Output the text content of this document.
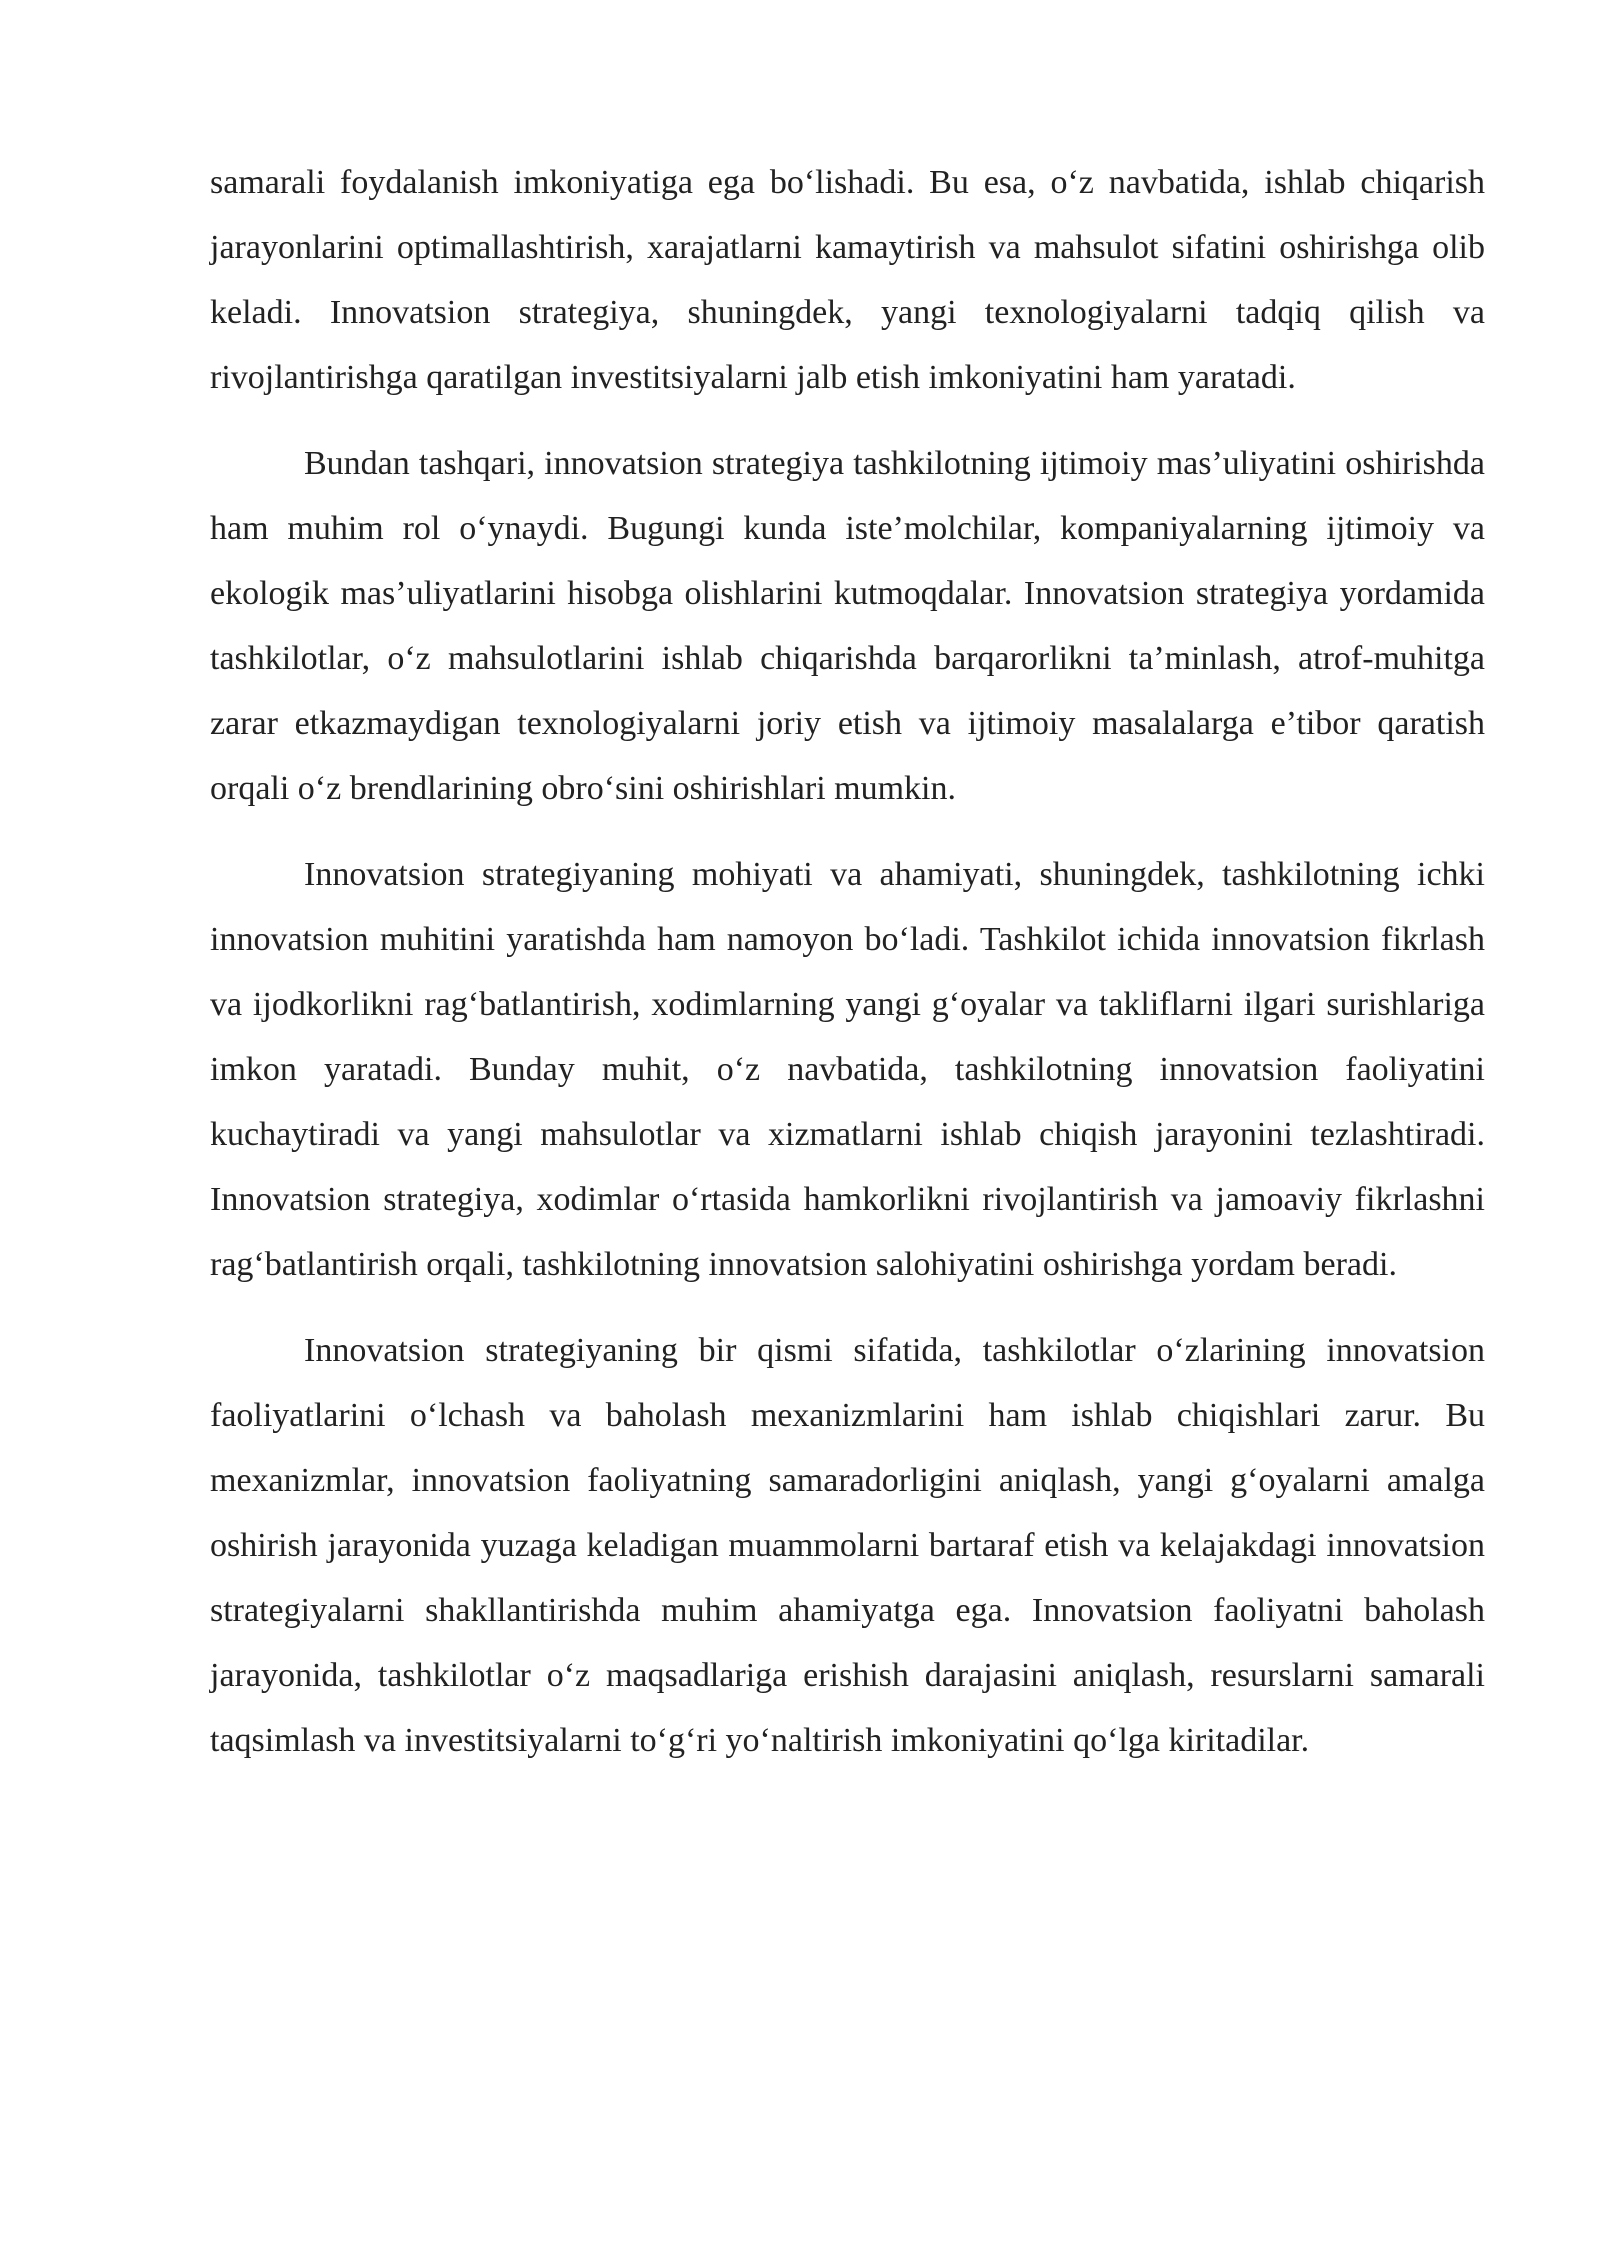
samarali foydalanish imkoniyatiga ega bo‘lishadi. Bu esa, o‘z navbatida, ishlab chiqarish jarayonlarini optimallashtirish, xarajatlarni kamaytirish va mahsulot sifatini oshirishga olib keladi. Innovatsion strategiya, shuningdek, yangi texnologiyalarni tadqiq qilish va rivojlantirishga qaratilgan investitsiyalarni jalb etish imkoniyatini ham yaratadi.

Bundan tashqari, innovatsion strategiya tashkilotning ijtimoiy mas’uliyatini oshirishda ham muhim rol o‘ynaydi. Bugungi kunda iste’molchilar, kompaniyalarning ijtimoiy va ekologik mas’uliyatlarini hisobga olishlarini kutmoqdalar. Innovatsion strategiya yordamida tashkilotlar, o‘z mahsulotlarini ishlab chiqarishda barqarorlikni ta’minlash, atrof-muhitga zarar etkazmaydigan texnologiyalarni joriy etish va ijtimoiy masalalarga e’tibor qaratish orqali o‘z brendlarining obro‘sini oshirishlari mumkin.

Innovatsion strategiyaning mohiyati va ahamiyati, shuningdek, tashkilotning ichki innovatsion muhitini yaratishda ham namoyon bo‘ladi. Tashkilot ichida innovatsion fikrlash va ijodkorlikni rag‘batlantirish, xodimlarning yangi g‘oyalar va takliflarni ilgari surishlariga imkon yaratadi. Bunday muhit, o‘z navbatida, tashkilotning innovatsion faoliyatini kuchaytiradi va yangi mahsulotlar va xizmatlarni ishlab chiqish jarayonini tezlashtiradi. Innovatsion strategiya, xodimlar o‘rtasida hamkorlikni rivojlantirish va jamoaviy fikrlashni rag‘batlantirish orqali, tashkilotning innovatsion salohiyatini oshirishga yordam beradi.

Innovatsion strategiyaning bir qismi sifatida, tashkilotlar o‘zlarining innovatsion faoliyatlarini o‘lchash va baholash mexanizmlarini ham ishlab chiqishlari zarur. Bu mexanizmlar, innovatsion faoliyatning samaradorligini aniqlash, yangi g‘oyalarni amalga oshirish jarayonida yuzaga keladigan muammolarni bartaraf etish va kelajakdagi innovatsion strategiyalarni shakllantirishda muhim ahamiyatga ega. Innovatsion faoliyatni baholash jarayonida, tashkilotlar o‘z maqsadlariga erishish darajasini aniqlash, resurslarni samarali taqsimlash va investitsiyalarni to‘g‘ri yo‘naltirish imkoniyatini qo‘lga kiritadilar.
